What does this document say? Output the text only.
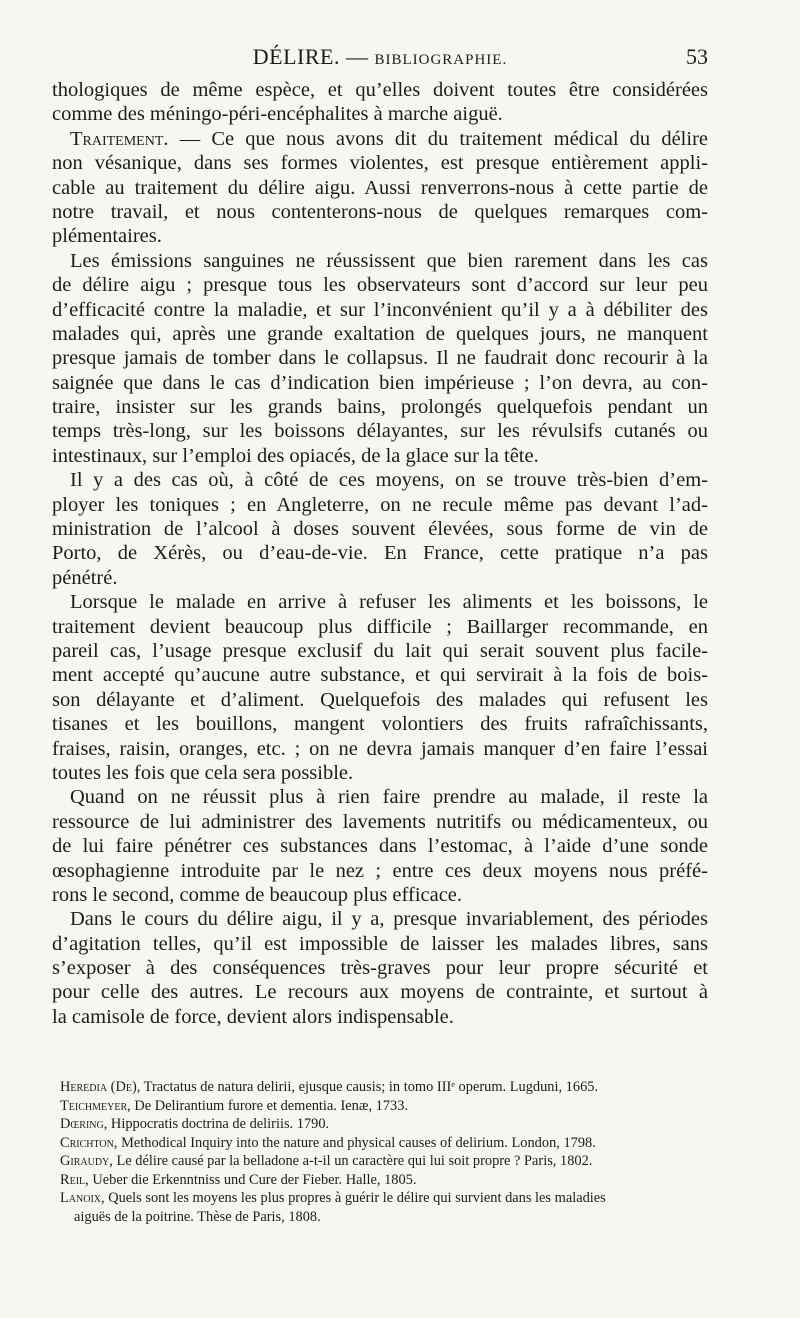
DÉLIRE. — BIBLIOGRAPHIE.	53
thologiques de même espèce, et qu’elles doivent toutes être considérées
comme des méningo-péri-encéphalites à marche aiguë.
Traitement. — Ce que nous avons dit du traitement médical du délire
non vésanique, dans ses formes violentes, est presque entièrement appli-
cable au traitement du délire aigu. Aussi renverrons-nous à cette partie de
notre travail, et nous contenterons-nous de quelques remarques com-
plémentaires.
Les émissions sanguines ne réussissent que bien rarement dans les cas
de délire aigu ; presque tous les observateurs sont d’accord sur leur peu
d’efficacité contre la maladie, et sur l’inconvénient qu’il y a à débiliter des
malades qui, après une grande exaltation de quelques jours, ne manquent
presque jamais de tomber dans le collapsus. Il ne faudrait donc recourir à la
saignée que dans le cas d’indication bien impérieuse ; l’on devra, au con-
traire, insister sur les grands bains, prolongés quelquefois pendant un
temps très-long, sur les boissons délayantes, sur les révulsifs cutanés ou
intestinaux, sur l’emploi des opiacés, de la glace sur la tête.
Il y a des cas où, à côté de ces moyens, on se trouve très-bien d’em-
ployer les toniques ; en Angleterre, on ne recule même pas devant l’ad-
ministration de l’alcool à doses souvent élevées, sous forme de vin de
Porto, de Xérès, ou d’eau-de-vie. En France, cette pratique n’a pas
pénétré.
Lorsque le malade en arrive à refuser les aliments et les boissons, le
traitement devient beaucoup plus difficile ; Baillarger recommande, en
pareil cas, l’usage presque exclusif du lait qui serait souvent plus facile-
ment accepté qu’aucune autre substance, et qui servirait à la fois de bois-
son délayante et d’aliment. Quelquefois des malades qui refusent les
tisanes et les bouillons, mangent volontiers des fruits rafraîchissants,
fraises, raisin, oranges, etc. ; on ne devra jamais manquer d’en faire l’essai
toutes les fois que cela sera possible.
Quand on ne réussit plus à rien faire prendre au malade, il reste la
ressource de lui administrer des lavements nutritifs ou médicamenteux, ou
de lui faire pénétrer ces substances dans l’estomac, à l’aide d’une sonde
œsophagienne introduite par le nez ; entre ces deux moyens nous préfé-
rons le second, comme de beaucoup plus efficace.
Dans le cours du délire aigu, il y a, presque invariablement, des périodes
d’agitation telles, qu’il est impossible de laisser les malades libres, sans
s’exposer à des conséquences très-graves pour leur propre sécurité et
pour celle des autres. Le recours aux moyens de contrainte, et surtout à
la camisole de force, devient alors indispensable.
Heredia (De), Tractatus de natura delirii, ejusque causis; in tomo IIIᵉ operum. Lugduni, 1665.
Teichmeyer, De Delirantium furore et dementia. Ienæ, 1733.
Dœring, Hippocratis doctrina de deliriis. 1790.
Crichton, Methodical Inquiry into the nature and physical causes of delirium. London, 1798.
Giraudy, Le délire causé par la belladone a-t-il un caractère qui lui soit propre ? Paris, 1802.
Reil, Ueber die Erkenntniss und Cure der Fieber. Halle, 1805.
Lanoix, Quels sont les moyens les plus propres à guérir le délire qui survient dans les maladies
aiguës de la poitrine. Thèse de Paris, 1808.
